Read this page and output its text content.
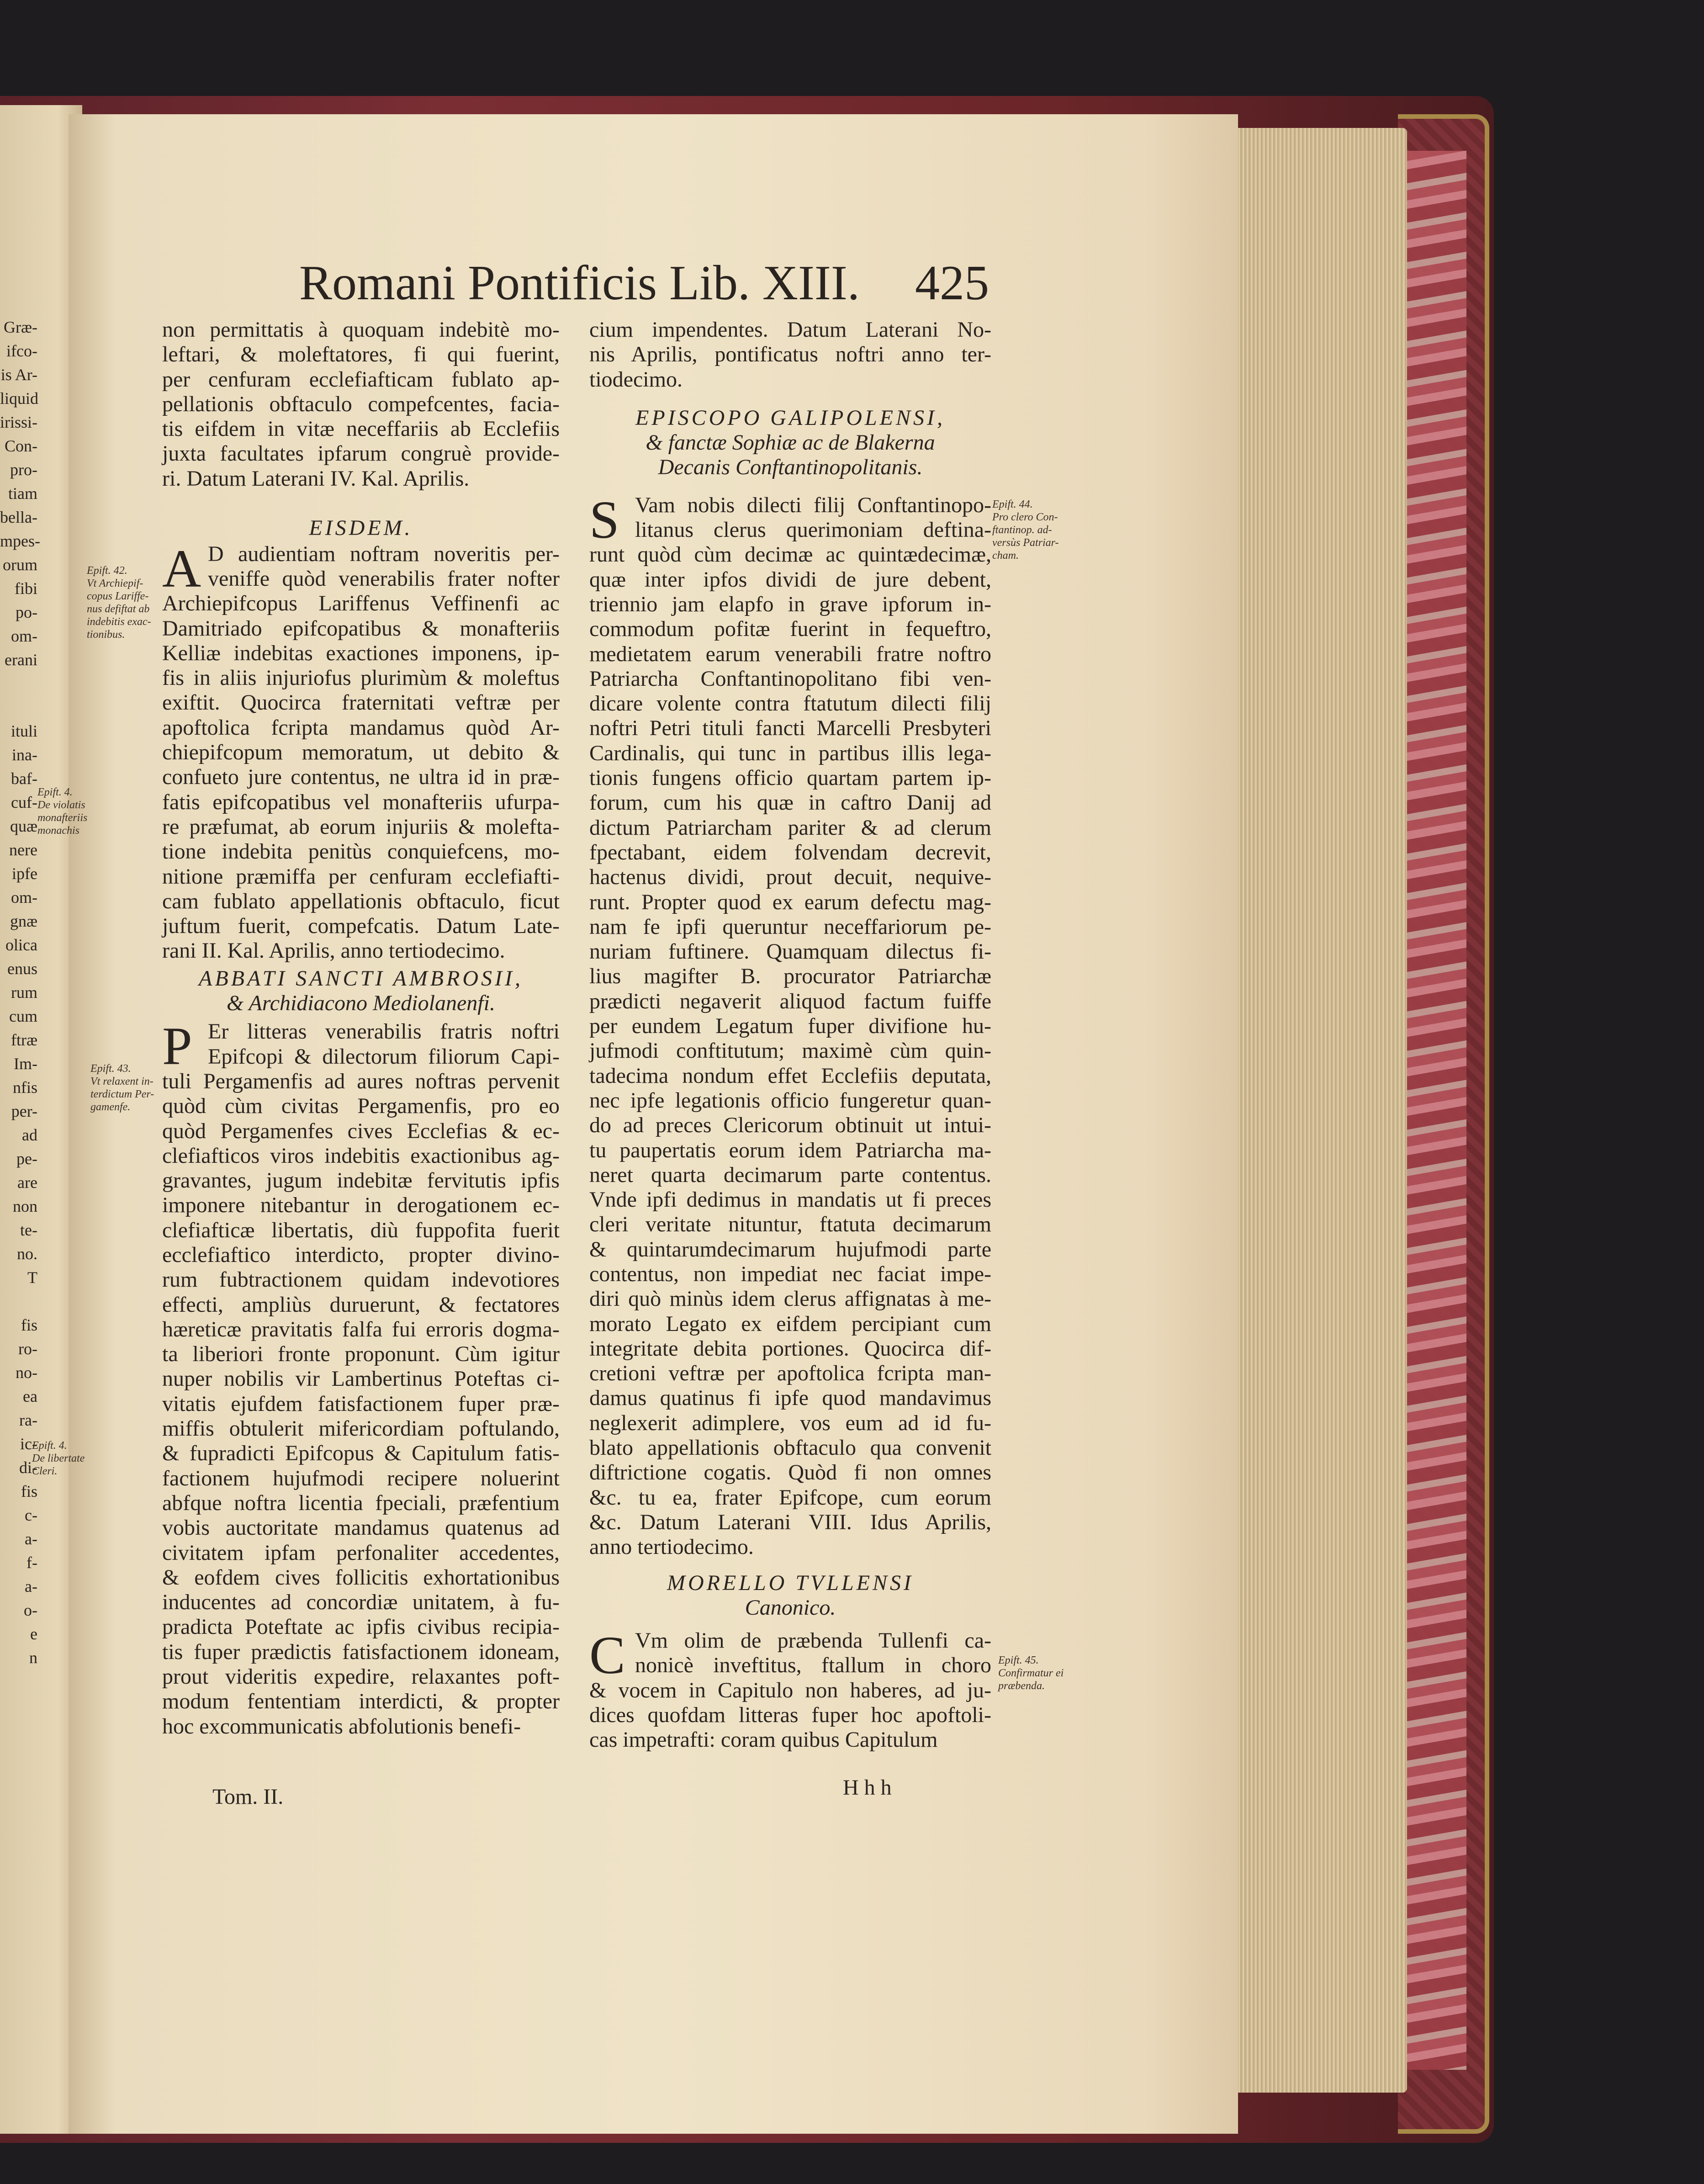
Græ-
ifco-
is Ar-
liquid
irissi-
Con-
pro-
tiam
bella-
mpes-
orum
fibi
po-
om-
erani

ituli
ina-
baf-
cuf-
quæ
nere
ipfe
om-
gnæ
olica
enus
rum
cum
ftræ
Im-
nfis
per-
ad
pe-
are
non
te-
no.
T

fis
ro-
no-
ea
ra-
ic-
di-
fis
c-
a-
f-
a-
o-
e
n
Epift. 4.
De violatis
monafteriis
monachis
Epift. 4.
De libertate
Cleri.
Romani Pontificis Lib. XIII. 425
Epift. 42.
Vt Archiepif-
copus Lariffe-
nus defiftat ab
indebitis exac-
tionibus.
Epift. 43.
Vt relaxent in-
terdictum Per-
gamenfe.
Epift. 44.
Pro clero Con-
ftantinop. ad-
versùs Patriar-
cham.
Epift. 45.
Confirmatur ei
præbenda.
non permittatis à quoquam indebitè mo-
leftari, & moleftatores, fi qui fuerint,
per cenfuram ecclefiafticam fublato ap-
pellationis obftaculo compefcentes, facia-
tis eifdem in vitæ neceffariis ab Ecclefiis
juxta facultates ipfarum congruè provide-
ri. Datum Laterani IV. Kal. Aprilis.
EISDEM.
A D audientiam noftram noveritis per-
veniffe quòd venerabilis frater nofter
Archiepifcopus Lariffenus Veffinenfi ac
Damitriado epifcopatibus & monafteriis
Kelliæ indebitas exactiones imponens, ip-
fis in aliis injuriofus plurimùm & moleftus
exiftit. Quocirca fraternitati veftræ per
apoftolica fcripta mandamus quòd Ar-
chiepifcopum memoratum, ut debito &
confueto jure contentus, ne ultra id in præ-
fatis epifcopatibus vel monafteriis ufurpa-
re præfumat, ab eorum injuriis & molefta-
tione indebita penitùs conquiefcens, mo-
nitione præmiffa per cenfuram ecclefiafti-
cam fublato appellationis obftaculo, ficut
juftum fuerit, compefcatis. Datum Late-
rani II. Kal. Aprilis, anno tertiodecimo.
ABBATI SANCTI AMBROSII,
& Archidiacono Mediolanenfi.
P Er litteras venerabilis fratris noftri
Epifcopi & dilectorum filiorum Capi-
tuli Pergamenfis ad aures noftras pervenit
quòd cùm civitas Pergamenfis, pro eo
quòd Pergamenfes cives Ecclefias & ec-
clefiafticos viros indebitis exactionibus ag-
gravantes, jugum indebitæ fervitutis ipfis
imponere nitebantur in derogationem ec-
clefiafticæ libertatis, diù fuppofita fuerit
ecclefiaftico interdicto, propter divino-
rum fubtractionem quidam indevotiores
effecti, ampliùs duruerunt, & fectatores
hæreticæ pravitatis falfa fui erroris dogma-
ta liberiori fronte proponunt. Cùm igitur
nuper nobilis vir Lambertinus Poteftas ci-
vitatis ejufdem fatisfactionem fuper præ-
miffis obtulerit mifericordiam poftulando,
& fupradicti Epifcopus & Capitulum fatis-
factionem hujufmodi recipere noluerint
abfque noftra licentia fpeciali, præfentium
vobis auctoritate mandamus quatenus ad
civitatem ipfam perfonaliter accedentes,
& eofdem cives follicitis exhortationibus
inducentes ad concordiæ unitatem, à fu-
pradicta Poteftate ac ipfis civibus recipia-
tis fuper prædictis fatisfactionem idoneam,
prout videritis expedire, relaxantes poft-
modum fententiam interdicti, & propter
hoc excommunicatis abfolutionis benefi-
Tom. II.
cium impendentes. Datum Laterani No-
nis Aprilis, pontificatus noftri anno ter-
tiodecimo.
EPISCOPO GALIPOLENSI,
& fanctæ Sophiæ ac de Blakerna
Decanis Conftantinopolitanis.
S Vam nobis dilecti filij Conftantinopo-
litanus clerus querimoniam deftina-
runt quòd cùm decimæ ac quintædecimæ,
quæ inter ipfos dividi de jure debent,
triennio jam elapfo in grave ipforum in-
commodum pofitæ fuerint in fequeftro,
medietatem earum venerabili fratre noftro
Patriarcha Conftantinopolitano fibi ven-
dicare volente contra ftatutum dilecti filij
noftri Petri tituli fancti Marcelli Presbyteri
Cardinalis, qui tunc in partibus illis lega-
tionis fungens officio quartam partem ip-
forum, cum his quæ in caftro Danij ad
dictum Patriarcham pariter & ad clerum
fpectabant, eidem folvendam decrevit,
hactenus dividi, prout decuit, nequive-
runt. Propter quod ex earum defectu mag-
nam fe ipfi queruntur neceffariorum pe-
nuriam fuftinere. Quamquam dilectus fi-
lius magifter B. procurator Patriarchæ
prædicti negaverit aliquod factum fuiffe
per eundem Legatum fuper divifione hu-
jufmodi conftitutum; maximè cùm quin-
tadecima nondum effet Ecclefiis deputata,
nec ipfe legationis officio fungeretur quan-
do ad preces Clericorum obtinuit ut intui-
tu paupertatis eorum idem Patriarcha ma-
neret quarta decimarum parte contentus.
Vnde ipfi dedimus in mandatis ut fi preces
cleri veritate nituntur, ftatuta decimarum
& quintarumdecimarum hujufmodi parte
contentus, non impediat nec faciat impe-
diri quò minùs idem clerus affignatas à me-
morato Legato ex eifdem percipiant cum
integritate debita portiones. Quocirca dif-
cretioni veftræ per apoftolica fcripta man-
damus quatinus fi ipfe quod mandavimus
neglexerit adimplere, vos eum ad id fu-
blato appellationis obftaculo qua convenit
diftrictione cogatis. Quòd fi non omnes
&c. tu ea, frater Epifcope, cum eorum
&c. Datum Laterani VIII. Idus Aprilis,
anno tertiodecimo.
MORELLO TVLLENSI
Canonico.
C Vm olim de præbenda Tullenfi ca-
nonicè inveftitus, ftallum in choro
& vocem in Capitulo non haberes, ad ju-
dices quofdam litteras fuper hoc apoftoli-
cas impetrafti: coram quibus Capitulum
H h h
